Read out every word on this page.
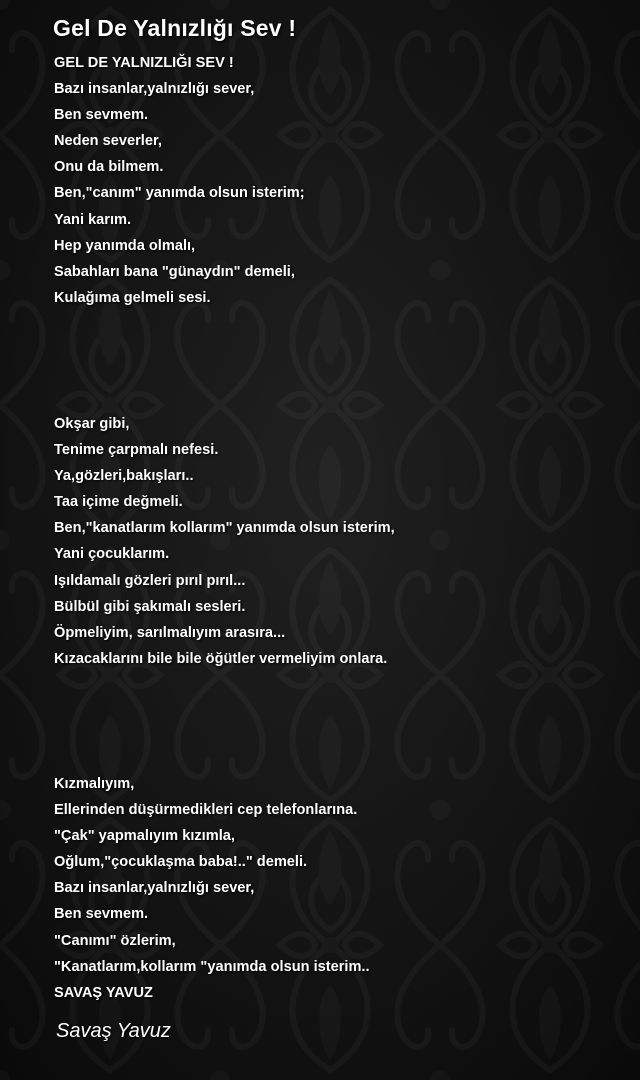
Gel De Yalnızlığı Sev !
GEL DE YALNIZLIĞI SEV !
Bazı insanlar,yalnızlığı sever,
Ben sevmem.
Neden severler,
Onu da bilmem.
Ben,"canım" yanımda olsun isterim;
Yani karım.
Hep yanımda olmalı,
Sabahları bana "günaydın" demeli,
Kulağıma gelmeli sesi.
Okşar gibi,
Tenime çarpmalı nefesi.
Ya,gözleri,bakışları..
Taa içime değmeli.
Ben,"kanatlarım kollarım" yanımda olsun isterim,
Yani çocuklarım.
Işıldamalı gözleri pırıl pırıl...
Bülbül gibi şakımalı sesleri.
Öpmeliyim, sarılmalıyım arasıra...
Kızacaklarını bile bile öğütler vermeliyim onlara.
Kızmalıyım,
Ellerinden düşürmedikleri cep telefonlarına.
"Çak" yapmalıyım kızımla,
Oğlum,"çocuklaşma baba!.." demeli.
Bazı insanlar,yalnızlığı sever,
Ben sevmem.
"Canımı" özlerim,
"Kanatlarım,kollarım "yanımda olsun isterim..
SAVAŞ YAVUZ
Savaş Yavuz
